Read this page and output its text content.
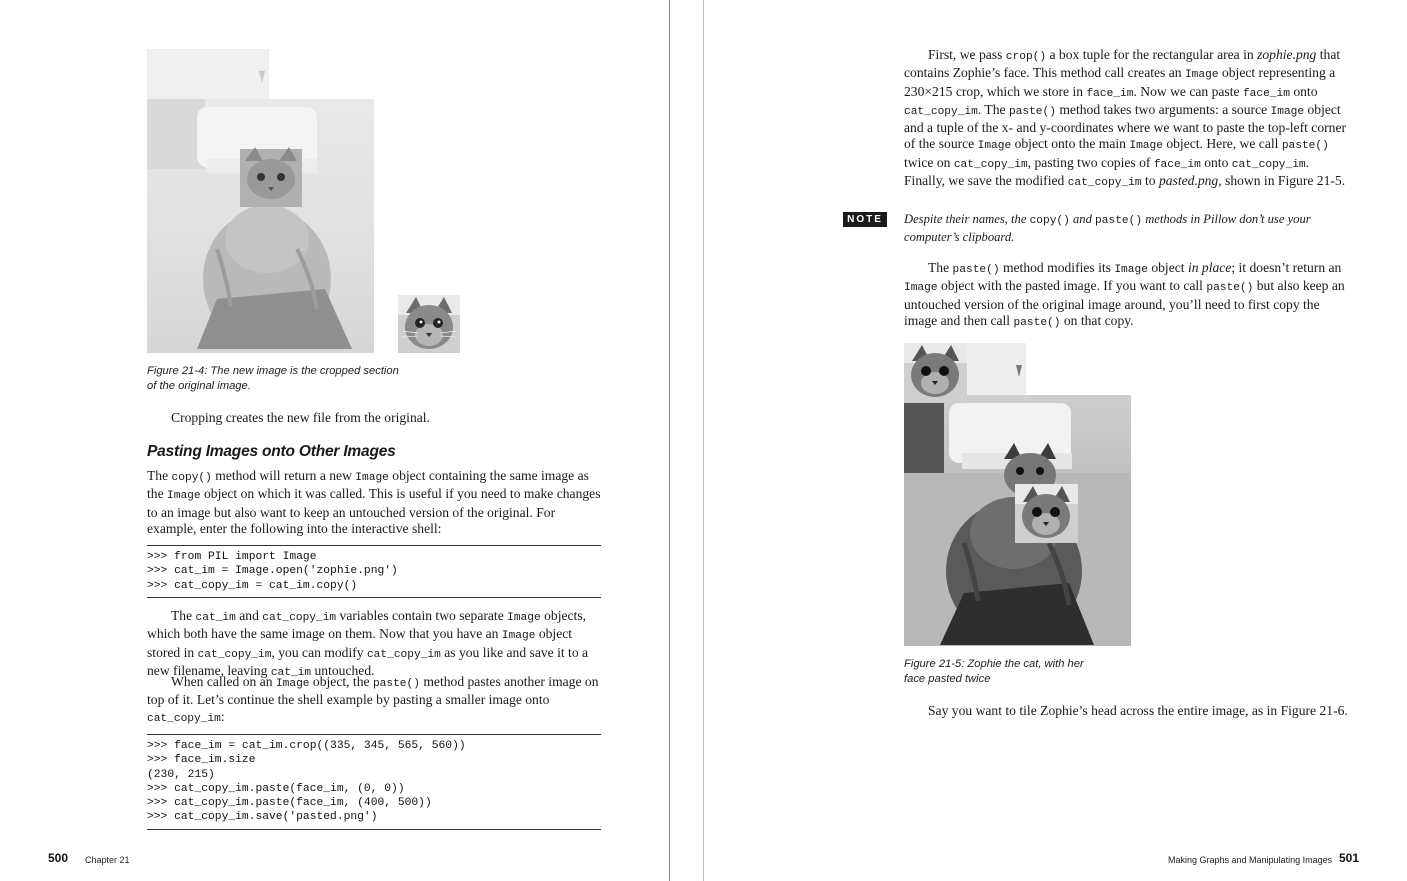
Figure 21-4: The new image is the cropped section
of the original image.

Cropping creates the new file from the original.

Pasting Images onto Other Images

The copy() method will return a new Image object containing the same image as the Image object on which it was called. This is useful if you need to make changes to an image but also want to keep an untouched version of the original. For example, enter the following into the interactive shell:

>>> from PIL import Image
>>> cat_im = Image.open('zophie.png')
>>> cat_copy_im = cat_im.copy()

The cat_im and cat_copy_im variables contain two separate Image objects, which both have the same image on them. Now that you have an Image object stored in cat_copy_im, you can modify cat_copy_im as you like and save it to a new filename, leaving cat_im untouched.

When called on an Image object, the paste() method pastes another image on top of it. Let’s continue the shell example by pasting a smaller image onto cat_copy_im:

>>> face_im = cat_im.crop((335, 345, 565, 560))
>>> face_im.size
(230, 215)
>>> cat_copy_im.paste(face_im, (0, 0))
>>> cat_copy_im.paste(face_im, (400, 500))
>>> cat_copy_im.save('pasted.png')
500 Chapter 21

First, we pass crop() a box tuple for the rectangular area in zophie.png that contains Zophie’s face. This method call creates an Image object representing a 230×215 crop, which we store in face_im. Now we can paste face_im onto cat_copy_im. The paste() method takes two arguments: a source Image object and a tuple of the x- and y-coordinates where we want to paste the top-left corner of the source Image object onto the main Image object. Here, we call paste() twice on cat_copy_im, pasting two copies of face_im onto cat_copy_im. Finally, we save the modified cat_copy_im to pasted.png, shown in Figure 21-5.

NOTE	Despite their names, the copy() and paste() methods in Pillow don’t use your computer’s clipboard.

The paste() method modifies its Image object in place; it doesn’t return an Image object with the pasted image. If you want to call paste() but also keep an untouched version of the original image around, you’ll need to first copy the image and then call paste() on that copy.

Figure 21-5: Zophie the cat, with her
face pasted twice

Say you want to tile Zophie’s head across the entire image, as in Figure 21-6.

Making Graphs and Manipulating Images 501
